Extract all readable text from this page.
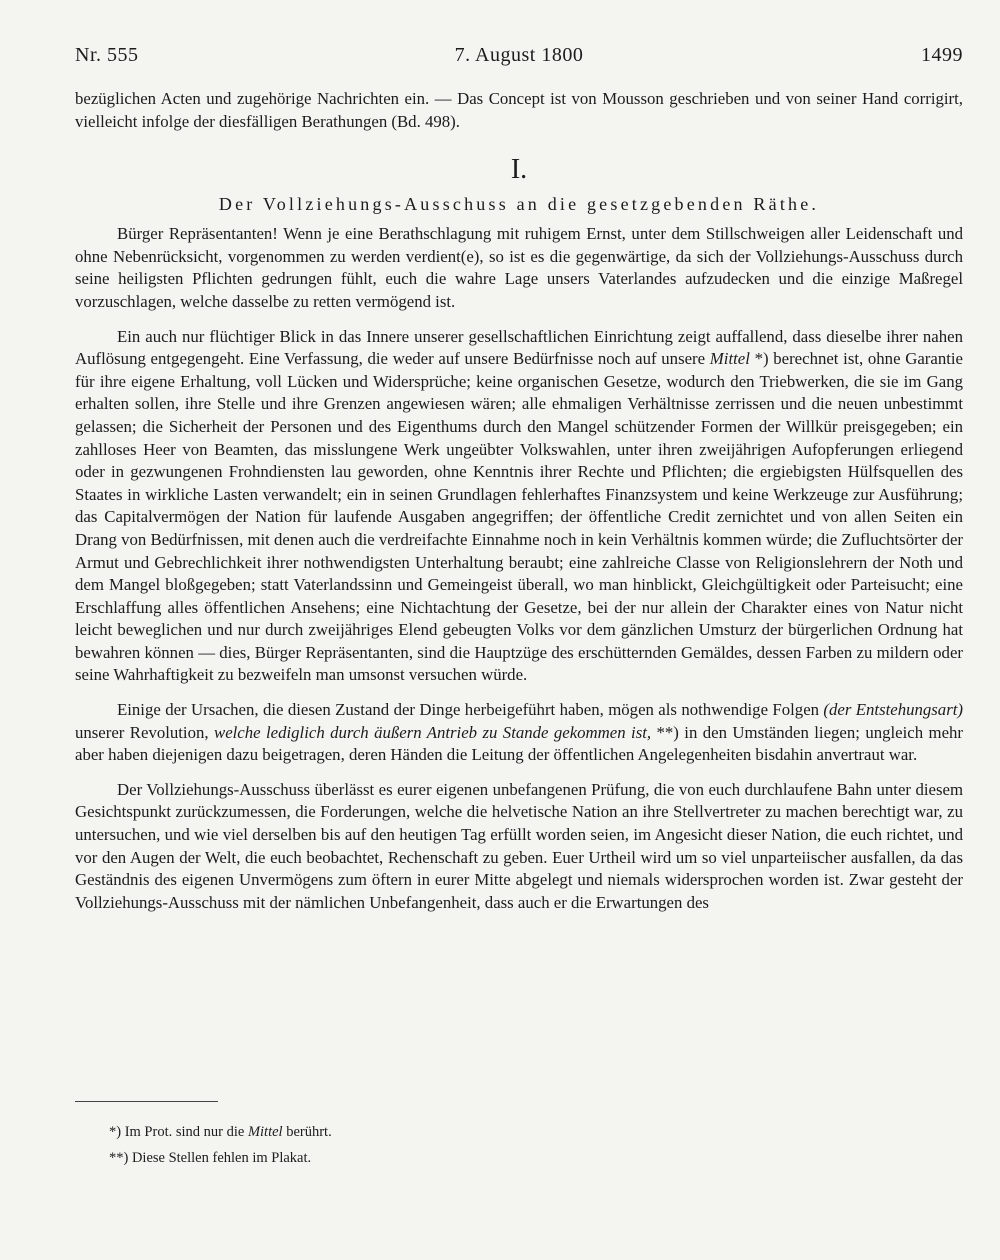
Nr. 555	7. August 1800	1499

bezüglichen Acten und zugehörige Nachrichten ein. — Das Concept ist von Mousson geschrieben und von seiner Hand corrigirt, vielleicht infolge der diesfälligen Berathungen (Bd. 498).

I.

Der Vollziehungs-Ausschuss an die gesetzgebenden Räthe.

Bürger Repräsentanten! Wenn je eine Berathschlagung mit ruhigem Ernst, unter dem Stillschweigen aller Leidenschaft und ohne Nebenrücksicht, vorgenommen zu werden verdient(e), so ist es die gegenwärtige, da sich der Vollziehungs-Ausschuss durch seine heiligsten Pflichten gedrungen fühlt, euch die wahre Lage unsers Vaterlandes aufzudecken und die einzige Maßregel vorzuschlagen, welche dasselbe zu retten vermögend ist.

Ein auch nur flüchtiger Blick in das Innere unserer gesellschaftlichen Einrichtung zeigt auffallend, dass dieselbe ihrer nahen Auflösung entgegengeht. Eine Verfassung, die weder auf unsere Bedürfnisse noch auf unsere Mittel *) berechnet ist, ohne Garantie für ihre eigene Erhaltung, voll Lücken und Widersprüche; keine organischen Gesetze, wodurch den Triebwerken, die sie im Gang erhalten sollen, ihre Stelle und ihre Grenzen angewiesen wären; alle ehmaligen Verhältnisse zerrissen und die neuen unbestimmt gelassen; die Sicherheit der Personen und des Eigenthums durch den Mangel schützender Formen der Willkür preisgegeben; ein zahlloses Heer von Beamten, das misslungene Werk ungeübter Volkswahlen, unter ihren zweijährigen Aufopferungen erliegend oder in gezwungenen Frohndiensten lau geworden, ohne Kenntnis ihrer Rechte und Pflichten; die ergiebigsten Hülfsquellen des Staates in wirkliche Lasten verwandelt; ein in seinen Grundlagen fehlerhaftes Finanzsystem und keine Werkzeuge zur Ausführung; das Capitalvermögen der Nation für laufende Ausgaben angegriffen; der öffentliche Credit zernichtet und von allen Seiten ein Drang von Bedürfnissen, mit denen auch die verdreifachte Einnahme noch in kein Verhältnis kommen würde; die Zufluchtsörter der Armut und Gebrechlichkeit ihrer nothwendigsten Unterhaltung beraubt; eine zahlreiche Classe von Religionslehrern der Noth und dem Mangel bloßgegeben; statt Vaterlandssinn und Gemeingeist überall, wo man hinblickt, Gleichgültigkeit oder Parteisucht; eine Erschlaffung alles öffentlichen Ansehens; eine Nichtachtung der Gesetze, bei der nur allein der Charakter eines von Natur nicht leicht beweglichen und nur durch zweijähriges Elend gebeugten Volks vor dem gänzlichen Umsturz der bürgerlichen Ordnung hat bewahren können — dies, Bürger Repräsentanten, sind die Hauptzüge des erschütternden Gemäldes, dessen Farben zu mildern oder seine Wahrhaftigkeit zu bezweifeln man umsonst versuchen würde.

Einige der Ursachen, die diesen Zustand der Dinge herbeigeführt haben, mögen als nothwendige Folgen (der Entstehungsart) unserer Revolution, welche lediglich durch äußern Antrieb zu Stande gekommen ist, **) in den Umständen liegen; ungleich mehr aber haben diejenigen dazu beigetragen, deren Händen die Leitung der öffentlichen Angelegenheiten bisdahin anvertraut war.

Der Vollziehungs-Ausschuss überlässt es eurer eigenen unbefangenen Prüfung, die von euch durchlaufene Bahn unter diesem Gesichtspunkt zurückzumessen, die Forderungen, welche die helvetische Nation an ihre Stellvertreter zu machen berechtigt war, zu untersuchen, und wie viel derselben bis auf den heutigen Tag erfüllt worden seien, im Angesicht dieser Nation, die euch richtet, und vor den Augen der Welt, die euch beobachtet, Rechenschaft zu geben. Euer Urtheil wird um so viel unparteiischer ausfallen, da das Geständnis des eigenen Unvermögens zum öftern in eurer Mitte abgelegt und niemals widersprochen worden ist. Zwar gesteht der Vollziehungs-Ausschuss mit der nämlichen Unbefangenheit, dass auch er die Erwartungen des

*) Im Prot. sind nur die Mittel berührt.

**) Diese Stellen fehlen im Plakat.
